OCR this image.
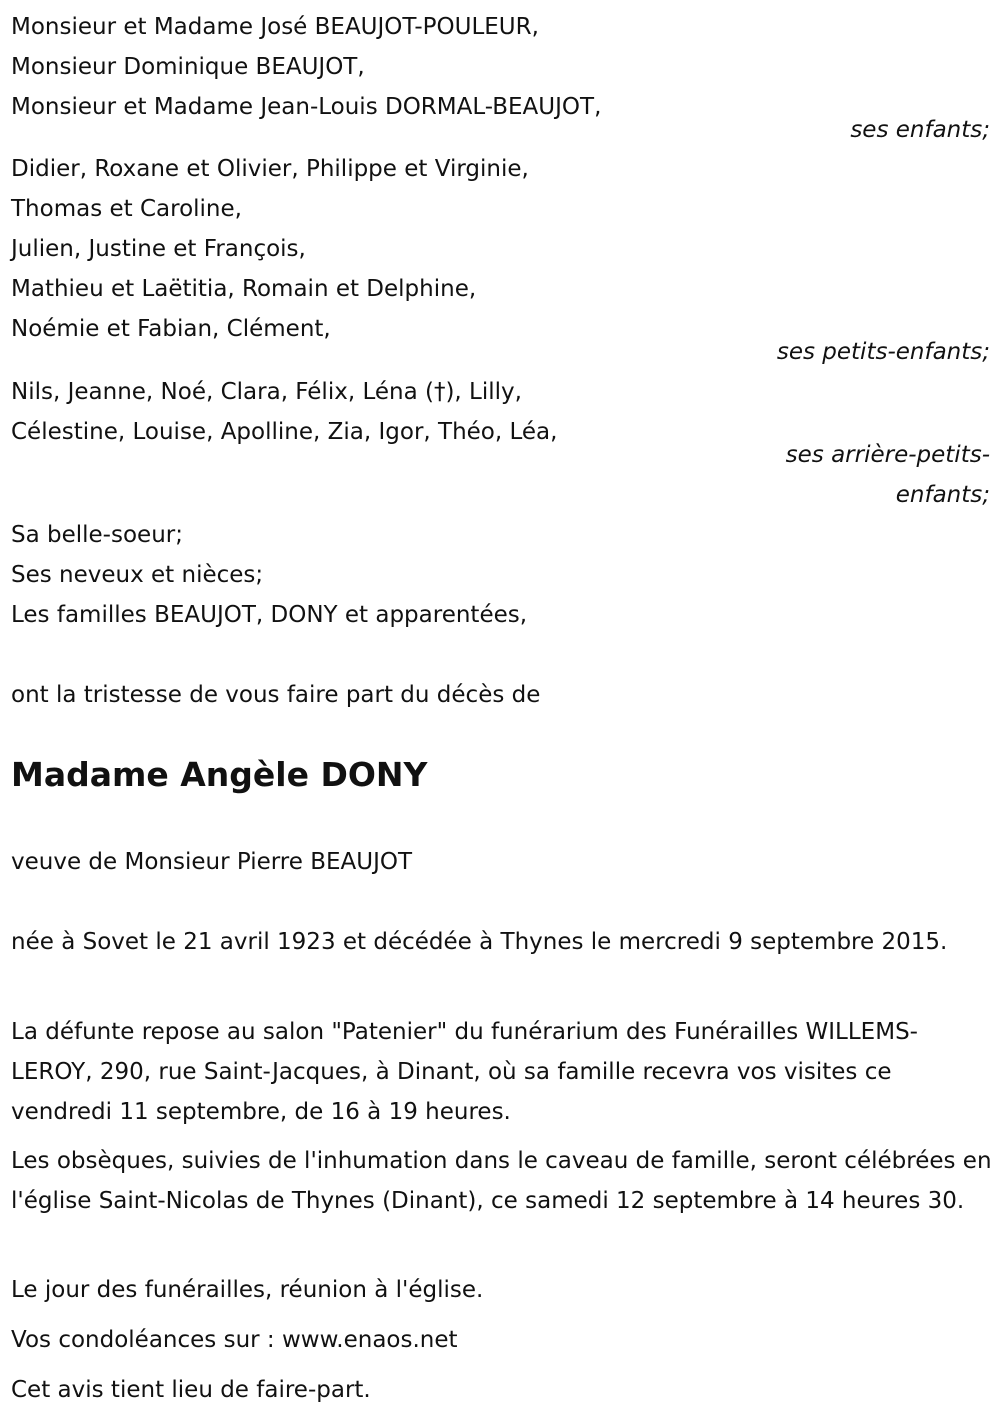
Monsieur et Madame José BEAUJOT-POULEUR,
Monsieur Dominique BEAUJOT,
Monsieur et Madame Jean-Louis DORMAL-BEAUJOT,
ses enfants;
Didier, Roxane et Olivier, Philippe et Virginie,
Thomas et Caroline,
Julien, Justine et François,
Mathieu et Laëtitia, Romain et Delphine,
Noémie et Fabian, Clément,
ses petits-enfants;
Nils, Jeanne, Noé, Clara, Félix, Léna (†), Lilly,
Célestine, Louise, Apolline, Zia, Igor, Théo, Léa,
ses arrière-petits-enfants;
Sa belle-soeur;
Ses neveux et nièces;
Les familles BEAUJOT, DONY et apparentées,
ont la tristesse de vous faire part du décès de
Madame Angèle DONY
veuve de Monsieur Pierre BEAUJOT
née à Sovet le 21 avril 1923 et décédée à Thynes le mercredi 9 septembre 2015.
La défunte repose au salon "Patenier" du funérarium des Funérailles WILLEMS-LEROY, 290, rue Saint-Jacques, à Dinant, où sa famille recevra vos visites ce vendredi 11 septembre, de 16 à 19 heures.
Les obsèques, suivies de l'inhumation dans le caveau de famille, seront célébrées en l'église Saint-Nicolas de Thynes (Dinant), ce samedi 12 septembre à 14 heures 30.
Le jour des funérailles, réunion à l'église.
Vos condoléances sur : www.enaos.net
Cet avis tient lieu de faire-part.
